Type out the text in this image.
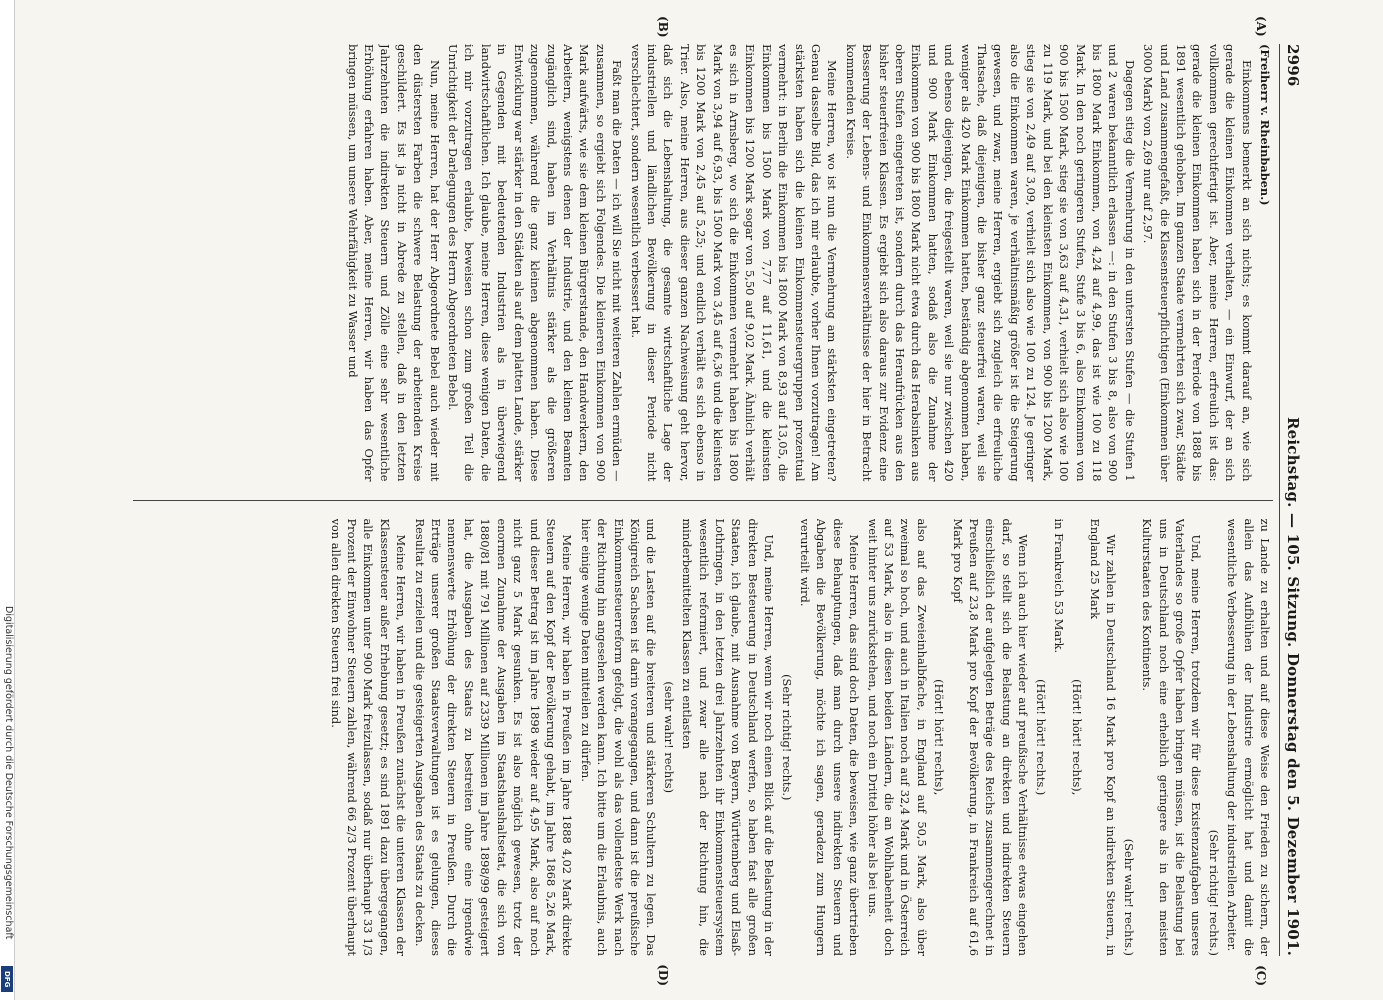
2996
Reichstag. — 105. Sitzung. Donnerstag den 5. Dezember 1901.

(Freiherr v. Rheinbaben.)

Einkommens bemerkt an sich nichts; es kommt darauf an, wie sich gerade die kleinen Einkommen verhalten, — ein Einwurf, der an sich vollkommen gerechtfertigt ist. Aber, meine Herren, erfreulich ist das: gerade die kleinen Einkommen haben sich in der Periode von 1888 bis 1891 wesentlich gehoben. Im ganzen Staate vermehrten sich zwar, Städte und Land zusammengefaßt, die Klassensteuerpflichtigen (Einkommen über 3000 Mark) von 2,69 nur auf 2,97.

Dagegen stieg die Vermehrung in den untersten Stufen — die Stufen 1 und 2 waren bekanntlich erlassen —: in den Stufen 3 bis 8, also von 900 bis 1800 Mark Einkommen, von 4,24 auf 4,99, das ist wie 100 zu 118 Mark. In den noch geringeren Stufen, Stufe 3 bis 6, also Einkommen von 900 bis 1500 Mark, stieg sie von 3,63 auf 4,31, verhielt sich also wie 100 zu 119 Mark, und bei den kleinsten Einkommen, von 900 bis 1200 Mark, stieg sie von 2,49 auf 3,09, verhielt sich also wie 100 zu 124. Je geringer also die Einkommen waren, je verhältnismäßig größer ist die Steigerung gewesen, und zwar, meine Herren, ergiebt sich zugleich die erfreuliche Thatsache, daß diejenigen, die bisher ganz steuerfrei waren, weil sie weniger als 420 Mark Einkommen hatten, beständig abgenommen haben, und ebenso diejenigen, die freigestellt waren, weil sie nur zwischen 420 und 900 Mark Einkommen hatten, sodaß also die Zunahme der Einkommen von 900 bis 1800 Mark nicht etwa durch das Herabsinken aus oberen Stufen eingetreten ist, sondern durch das Heraufrücken aus den bisher steuerfreien Klassen. Es ergiebt sich also daraus zur Evidenz eine Besserung der Lebens- und Einkommensverhältnisse der hier in Betracht kommenden Kreise.

Meine Herren, wo ist nun die Vermehrung am stärksten eingetreten? Genau dasselbe Bild, das ich mir erlaubte, vorher Ihnen vorzutragen! Am stärksten haben sich die kleinen Einkommensteuergruppen prozentual vermehrt: in Berlin die Einkommen bis 1800 Mark von 8,93 auf 13,05, die Einkommen bis 1500 Mark von 7,77 auf 11,61, und die kleinsten Einkommen bis 1200 Mark sogar von 5,50 auf 9,02 Mark. Ähnlich verhält es sich in Arnsberg, wo sich die Einkommen vermehrt haben bis 1800 Mark von 3,94 auf 6,93, bis 1500 Mark von 3,45 auf 6,36 und die kleinsten bis 1200 Mark von 2,45 auf 5,25; und endlich verhält es sich ebenso in Trier. Also, meine Herren, aus dieser ganzen Nachweisung geht hervor, daß sich die Lebenshaltung, die gesamte wirtschaftliche Lage der industriellen und ländlichen Bevölkerung in dieser Periode nicht verschlechtert, sondern wesentlich verbessert hat.

Faßt man die Daten — ich will Sie nicht mit weiteren Zahlen ermüden — zusammen, so ergiebt sich Folgendes. Die kleineren Einkommen von 900 Mark aufwärts, wie sie dem kleinen Bürgerstande, den Handwerkern, den Arbeitern, wenigstens denen der Industrie, und den kleinen Beamten zugänglich sind, haben im Verhältnis stärker als die größeren zugenommen, während die ganz kleinen abgenommen haben. Diese Entwicklung war stärker in den Städten als auf dem platten Lande, stärker in Gegenden mit bedeutenden Industrien als in überwiegend landwirtschaftlichen. Ich glaube, meine Herren, diese wenigen Daten, die ich mir vorzutragen erlaubte, beweisen schon zum großen Teil die Unrichtigkeit der Darlegungen des Herrn Abgeordneten Bebel.

Nun, meine Herren, hat der Herr Abgeordnete Bebel auch wieder mit den düstersten Farben die schwere Belastung der arbeitenden Kreise geschildert. Es ist ja nicht in Abrede zu stellen, daß in den letzten Jahrzehnten die indirekten Steuern und Zölle eine sehr wesentliche Erhöhung erfahren haben. Aber, meine Herren, wir haben das Opfer bringen müssen, um unsere Wehrfähigkeit zu Wasser und

zu Lande zu erhalten und auf diese Weise den Frieden zu sichern, der allein das Aufblühen der Industrie ermöglicht hat und damit die wesentliche Verbesserung in der Lebenshaltung der industriellen Arbeiter.

(Sehr richtig! rechts.)

Und, meine Herren, trotzdem wir für diese Existenzaufgaben unseres Vaterlandes so große Opfer haben bringen müssen, ist die Belastung bei uns in Deutschland noch eine erheblich geringere als in den meisten Kulturstaaten des Kontinents.

(Sehr wahr! rechts.)

Wir zahlen in Deutschland 16 Mark pro Kopf an indirekten Steuern, in England 25 Mark

(Hört! hört! rechts),

in Frankreich 53 Mark.

(Hört! hört! rechts.)

Wenn ich auch hier wieder auf preußische Verhältnisse etwas eingehen darf, so stellt sich die Belastung an direkten und indirekten Steuern einschließlich der aufgelegten Beträge des Reichs zusammengerechnet in Preußen auf 23,8 Mark pro Kopf der Bevölkerung, in Frankreich auf 61,6 Mark pro Kopf

(Hört! hört! rechts),

also auf das Zweieinhalbfache, in England auf 50,5 Mark, also über zweimal so hoch, und auch in Italien noch auf 32,4 Mark und in Österreich auf 53 Mark, also in diesen beiden Ländern, die an Wohlhabenheit doch weit hinter uns zurückstehen, und noch ein Drittel höher als bei uns.

Meine Herren, das sind doch Daten, die beweisen, wie ganz übertrieben diese Behauptungen, daß man durch unsere indirekten Steuern und Abgaben die Bevölkerung, möchte ich sagen, geradezu zum Hungern verurteilt wird.

(Sehr richtig! rechts.)

Und, meine Herren, wenn wir noch einen Blick auf die Belastung in der direkten Besteuerung in Deutschland werfen, so haben fast alle großen Staaten, ich glaube, mit Ausnahme von Bayern, Württemberg und Elsaß-Lothringen, in den letzten drei Jahrzehnten ihr Einkommensteuersystem wesentlich reformiert, und zwar alle nach der Richtung hin, die minderbemittelten Klassen zu entlasten

(sehr wahr! rechts)

und die Lasten auf die breiteren und stärkeren Schultern zu legen. Das Königreich Sachsen ist darin vorangegangen, und dann ist die preußische Einkommensteuerreform gefolgt, die wohl als das vollendetste Werk nach der Richtung hin angesehen werden kann. Ich bitte um die Erlaubnis, auch hier einige wenige Daten mitteilen zu dürfen.

Meine Herren, wir haben in Preußen im Jahre 1888 4,02 Mark direkte Steuern auf den Kopf der Bevölkerung gehabt, im Jahre 1868 5,26 Mark, und dieser Betrag ist im Jahre 1898 wieder auf 4,95 Mark, also auf noch nicht ganz 5 Mark gesunken. Es ist also möglich gewesen, trotz der enormen Zunahme der Ausgaben im Staatshaushaltsetat, die sich von 1880/81 mit 791 Millionen auf 2339 Millionen im Jahre 1898/99 gesteigert hat, die Ausgaben des Staats zu bestreiten ohne eine irgendwie nennenswerte Erhöhung der direkten Steuern in Preußen. Durch die Erträge unserer großen Staatsverwaltungen ist es gelungen, dieses Resultat zu erzielen und die gesteigerten Ausgaben des Staats zu decken.

Meine Herren, wir haben in Preußen zunächst die unteren Klassen der Klassensteuer außer Erhebung gesetzt; es sind 1891 dazu übergegangen, alle Einkommen unter 900 Mark freizulassen, sodaß nur überhaupt 33 1/3 Prozent der Einwohner Steuern zahlen, während 66 2/3 Prozent überhaupt von allen direkten Steuern frei sind.

(A)
(B)
(C)
(D)
Digitalisierung gefördert durch die Deutsche Forschungsgemeinschaft
DFG
